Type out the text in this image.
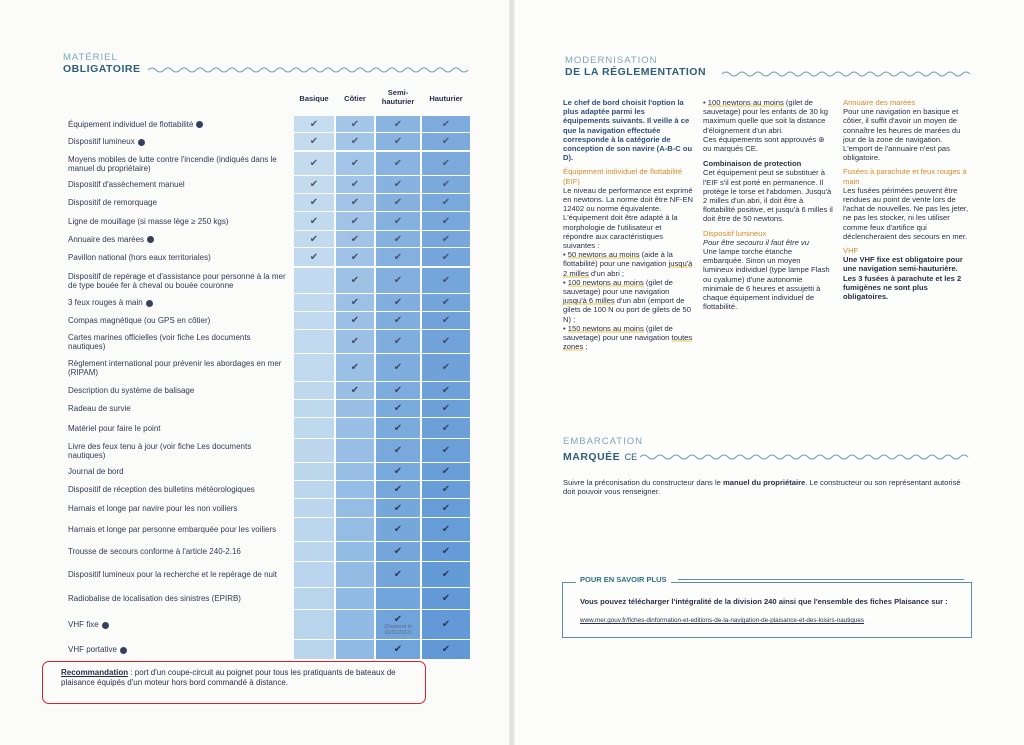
MATÉRIEL
OBLIGATOIRE
Basique	Côtier
Semi-hauturier	Hauturier
✔
✔
✔
✔
✔
✔
✔
✔
✔
✔
✔
✔
✔
✔
✔
✔
✔
✔
✔
✔
✔
✔
✔
✔
✔
✔
✔
✔
✔
✔
✔
✔
✔
✔
✔
✔
✔
✔
✔
✔
✔
✔
✔
✔
✔
✔
✔
✔
✔
✔
✔
✔
✔
✔
✔
✔
✔
✔
✔
✔
✔
✔
✔
✔
✔
✔
✔
✔
✔
✔
✔
✔
✔
Équipement individuel de flottabilité
Dispositif lumineux
Moyens mobiles de lutte contre l'incendie (indiqués dans le manuel du propriétaire)
Dispositif d'assèchement manuel
Dispositif de remorquage
Ligne de mouillage (si masse lège ≥ 250 kgs)
Annuaire des marées
Pavillon national (hors eaux territoriales)
Dispositif de repérage et d'assistance pour personne à la mer de type bouée fer à cheval ou bouée couronne
3 feux rouges à main
Compas magnétique (ou GPS en côtier)
Cartes marines officielles (voir fiche Les documents nautiques)
Règlement international pour prévenir les abordages en mer (RIPAM)
Description du système de balisage
Radeau de survie
Matériel pour faire le point
Livre des feux tenu à jour (voir fiche Les documents nautiques)
Journal de bord
Dispositif de réception des bulletins météorologiques
Harnais et longe par navire pour les non voiliers
Harnais et longe par personne embarquée pour les voiliers
Trousse de secours conforme à l'article 240-2.16
Dispositif lumineux pour la recherche et le repérage de nuit
Radiobalise de localisation des sinistres (EPIRB)
VHF fixe
VHF portative
(Dispensé le 01/01/2017)
Recommandation : port d'un coupe-circuit au poignet pour tous les pratiquants de bateaux de plaisance équipés d'un moteur hors bord commandé à distance.
MODERNISATION
DE LA RÉGLEMENTATION
Le chef de bord choisit l'option la plus adaptée parmi les équipements suivants. Il veille à ce que la navigation effectuée corresponde à la catégorie de conception de son navire (A-B-C ou D).
Équipement individuel de flottabilité (EIF)
Le niveau de performance est exprimé en newtons. La norme doit être NF-EN 12402 ou norme équivalente. L'équipement doit être adapté à la morphologie de l'utilisateur et répondre aux caractéristiques suivantes :
• 50 newtons au moins (aide à la flottabilité) pour une navigation jusqu'à 2 milles d'un abri ;
• 100 newtons au moins (gilet de sauvetage) pour une navigation jusqu'à 6 milles d'un abri (emport de gilets de 100 N ou port de gilets de 50 N) ;
• 150 newtons au moins (gilet de sauvetage) pour une navigation toutes zones ;
• 100 newtons au moins (gilet de sauvetage) pour les enfants de 30 kg maximum quelle que soit la distance d'éloignement d'un abri.
Ces équipements sont approuvés ⊛ ou marqués CE.
Combinaison de protection
Cet équipement peut se substituer à l'EIF s'il est porté en permanence. Il protège le torse et l'abdomen. Jusqu'à 2 milles d'un abri, il doit être à flottabilité positive, et jusqu'à 6 milles il doit être de 50 newtons.
Dispositif lumineux
Pour être secouru il faut être vu
Une lampe torche étanche embarquée. Sinon un moyen lumineux individuel (type lampe Flash ou cyalume) d'une autonomie minimale de 6 heures et assujetti à chaque équipement individuel de flottabilité.
Annuaire des marées
Pour une navigation en basique et côtier, il suffit d'avoir un moyen de connaître les heures de marées du jour de la zone de navigation. L'emport de l'annuaire n'est pas obligatoire.
Fusées à parachute et feux rouges à main
Les fusées périmées peuvent être rendues au point de vente lors de l'achat de nouvelles. Ne pas les jeter, ne pas les stocker, ni les utiliser comme feux d'artifice qui déclencheraient des secours en mer.
VHF
Une VHF fixe est obligatoire pour une navigation semi-hauturière. Les 3 fusées à parachute et les 2 fumigènes ne sont plus obligatoires.
EMBARCATION
MARQUÉE CE
Suivre la préconisation du constructeur dans le manuel du propriétaire. Le constructeur ou son représentant autorisé doit pouvoir vous renseigner.
POUR EN SAVOIR PLUS
Vous pouvez télécharger l'intégralité de la division 240 ainsi que l'ensemble des fiches Plaisance sur :
www.mer.gouv.fr/fiches-dinformation-et-editions-de-la-navigation-de-plaisance-et-des-loisirs-nautiques
